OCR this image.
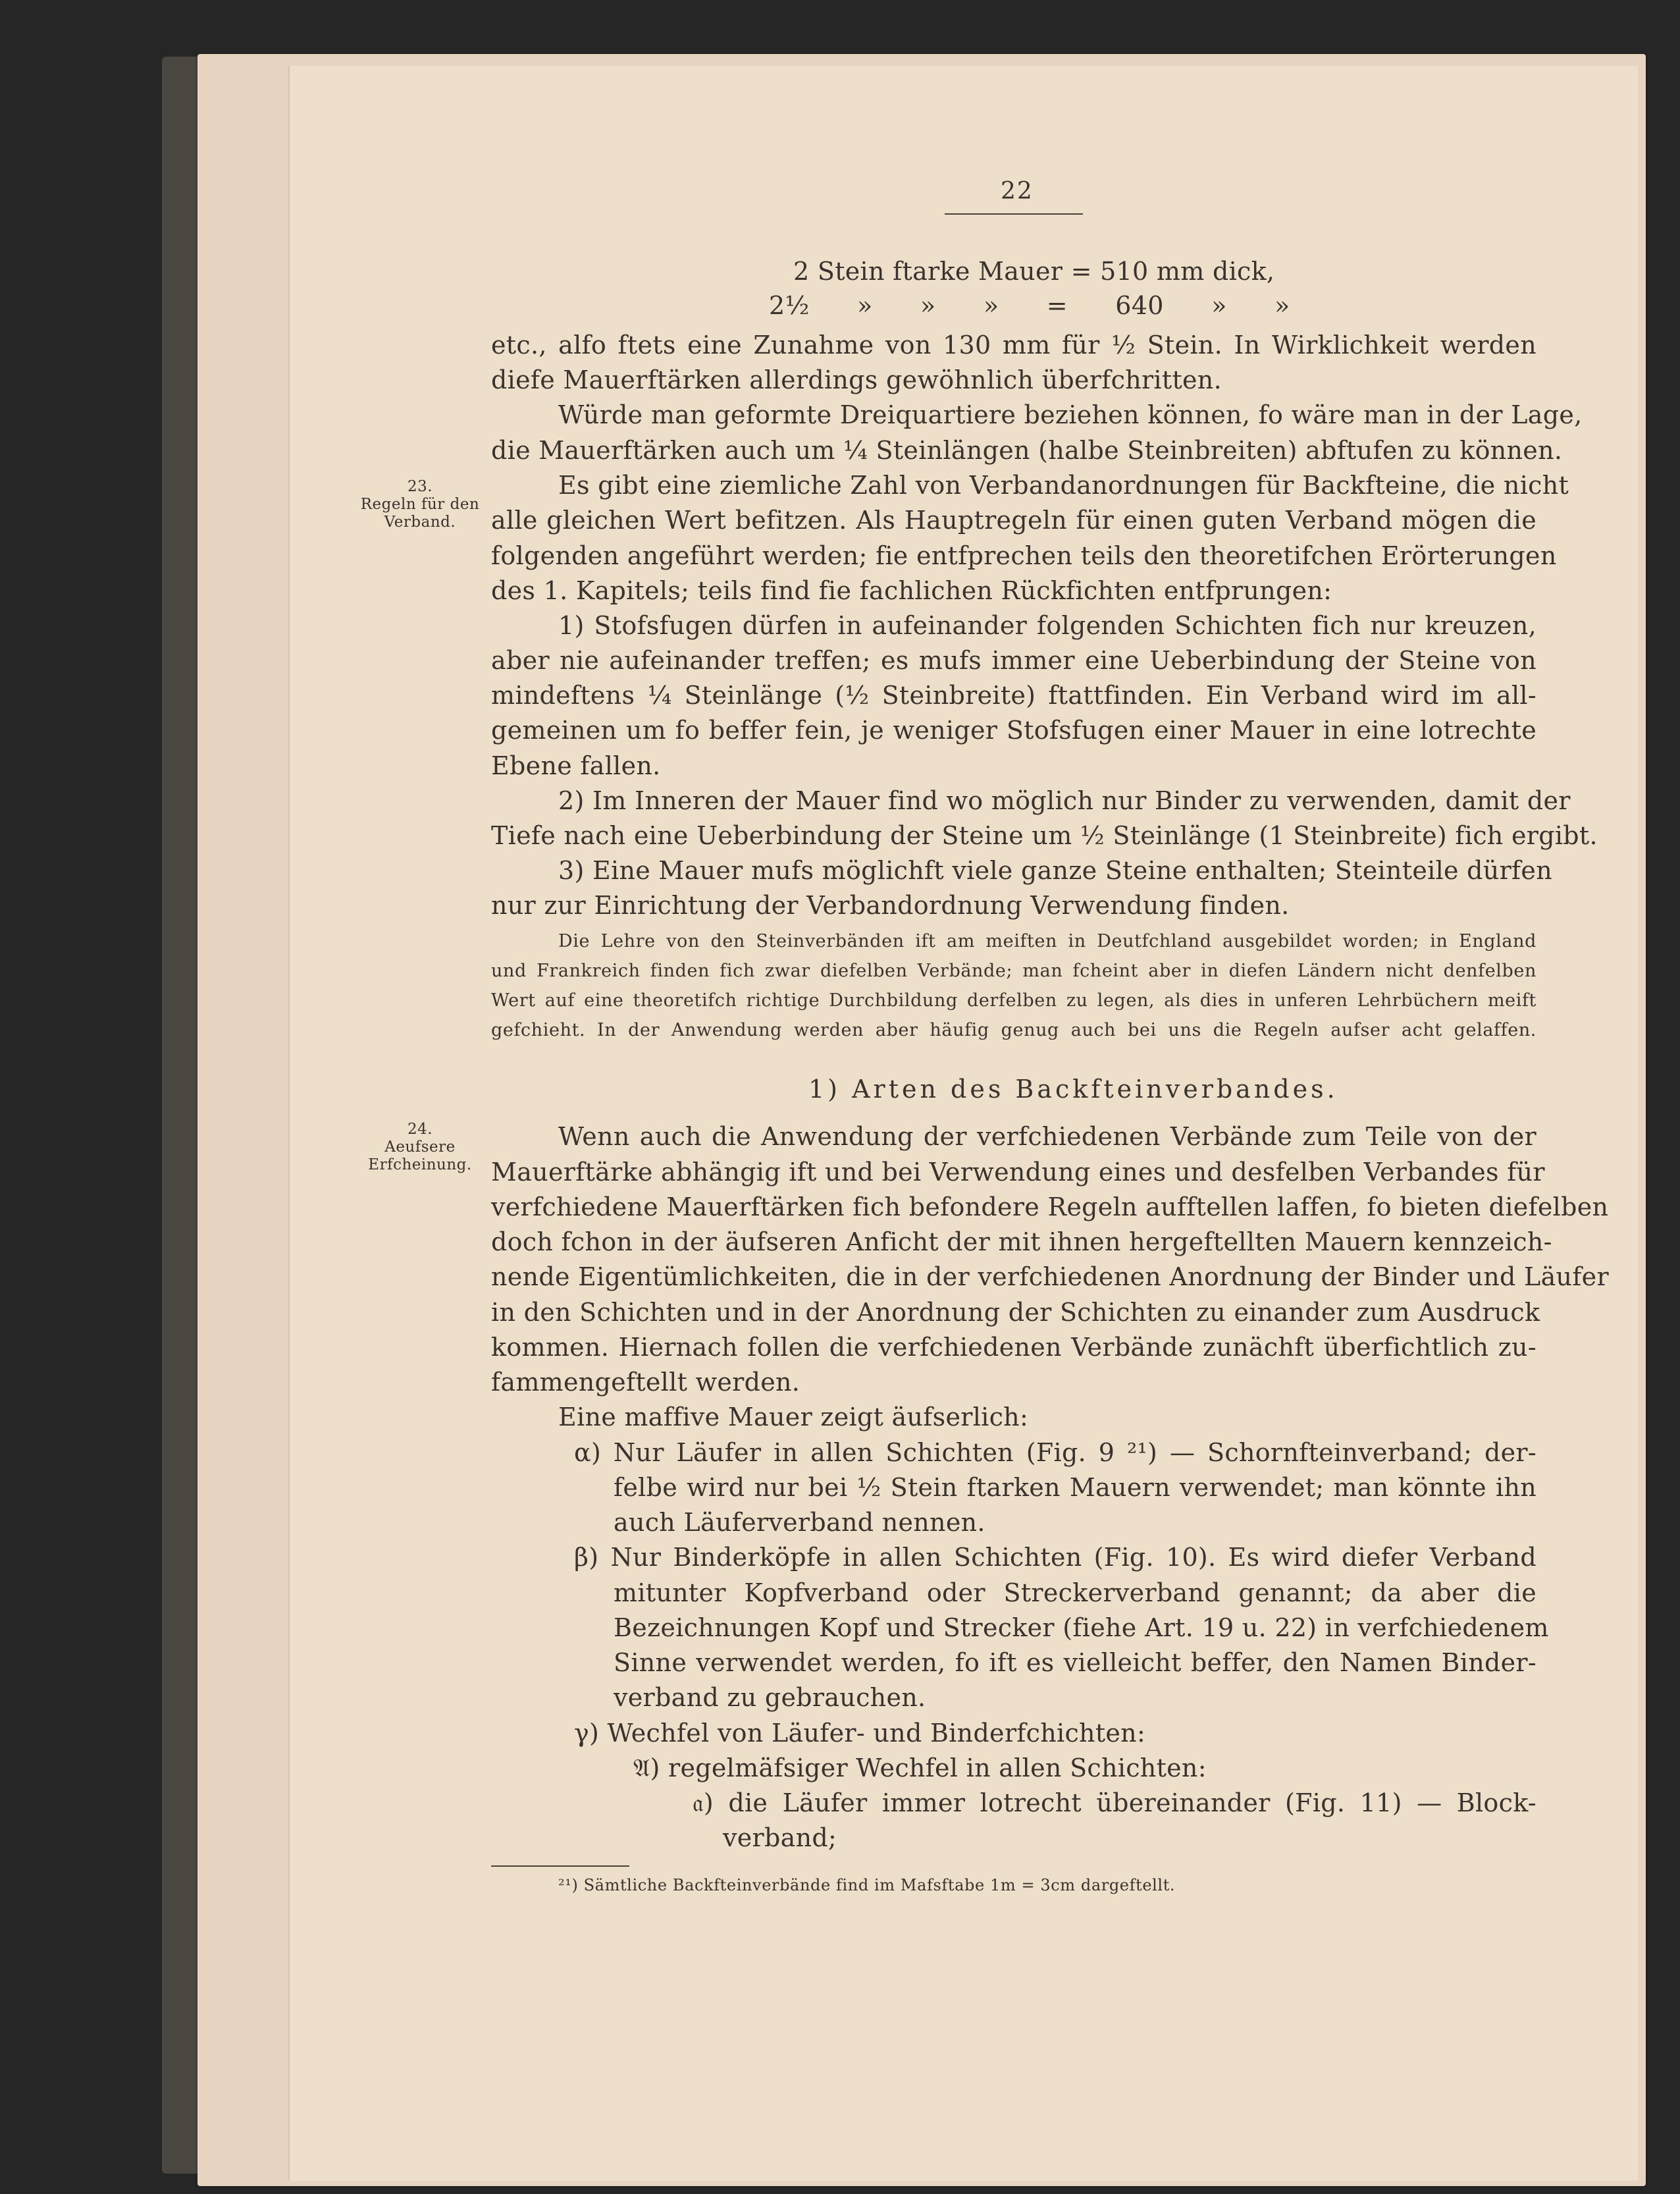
22
23.
Regeln für den
Verband.
24.
Aeufsere
Erfcheinung.
2 Stein ftarke Mauer = 510 mm dick,
2½ » » » = 640 » »
etc., alfo ftets eine Zunahme von 130 mm für ½ Stein. In Wirklichkeit werden
diefe Mauerftärken allerdings gewöhnlich überfchritten.
Würde man geformte Dreiquartiere beziehen können, fo wäre man in der Lage,
die Mauerftärken auch um ¼ Steinlängen (halbe Steinbreiten) abftufen zu können.
Es gibt eine ziemliche Zahl von Verbandanordnungen für Backfteine, die nicht
alle gleichen Wert befitzen. Als Hauptregeln für einen guten Verband mögen die
folgenden angeführt werden; fie entfprechen teils den theoretifchen Erörterungen
des 1. Kapitels; teils find fie fachlichen Rückfichten entfprungen:
1) Stofsfugen dürfen in aufeinander folgenden Schichten fich nur kreuzen,
aber nie aufeinander treffen; es mufs immer eine Ueberbindung der Steine von
mindeftens ¼ Steinlänge (½ Steinbreite) ftattfinden. Ein Verband wird im all-
gemeinen um fo beffer fein, je weniger Stofsfugen einer Mauer in eine lotrechte
Ebene fallen.
2) Im Inneren der Mauer find wo möglich nur Binder zu verwenden, damit der
Tiefe nach eine Ueberbindung der Steine um ½ Steinlänge (1 Steinbreite) fich ergibt.
3) Eine Mauer mufs möglichft viele ganze Steine enthalten; Steinteile dürfen
nur zur Einrichtung der Verbandordnung Verwendung finden.
Die Lehre von den Steinverbänden ift am meiften in Deutfchland ausgebildet worden; in England
und Frankreich finden fich zwar diefelben Verbände; man fcheint aber in diefen Ländern nicht denfelben
Wert auf eine theoretifch richtige Durchbildung derfelben zu legen, als dies in unferen Lehrbüchern meift
gefchieht. In der Anwendung werden aber häufig genug auch bei uns die Regeln aufser acht gelaffen.
1) Arten des Backfteinverbandes.
Wenn auch die Anwendung der verfchiedenen Verbände zum Teile von der
Mauerftärke abhängig ift und bei Verwendung eines und desfelben Verbandes für
verfchiedene Mauerftärken fich befondere Regeln aufftellen laffen, fo bieten diefelben
doch fchon in der äufseren Anficht der mit ihnen hergeftellten Mauern kennzeich-
nende Eigentümlichkeiten, die in der verfchiedenen Anordnung der Binder und Läufer
in den Schichten und in der Anordnung der Schichten zu einander zum Ausdruck
kommen. Hiernach follen die verfchiedenen Verbände zunächft überfichtlich zu-
fammengeftellt werden.
Eine maffive Mauer zeigt äufserlich:
α) Nur Läufer in allen Schichten (Fig. 9 ²¹) — Schornfteinverband; der-
felbe wird nur bei ½ Stein ftarken Mauern verwendet; man könnte ihn
auch Läuferverband nennen.
β) Nur Binderköpfe in allen Schichten (Fig. 10). Es wird diefer Verband
mitunter Kopfverband oder Streckerverband genannt; da aber die
Bezeichnungen Kopf und Strecker (fiehe Art. 19 u. 22) in verfchiedenem
Sinne verwendet werden, fo ift es vielleicht beffer, den Namen Binder-
verband zu gebrauchen.
γ) Wechfel von Läufer- und Binderfchichten:
𝔄) regelmäfsiger Wechfel in allen Schichten:
𝔞) die Läufer immer lotrecht übereinander (Fig. 11) — Block-
verband;
²¹) Sämtliche Backfteinverbände find im Mafsftabe 1m = 3cm dargeftellt.
